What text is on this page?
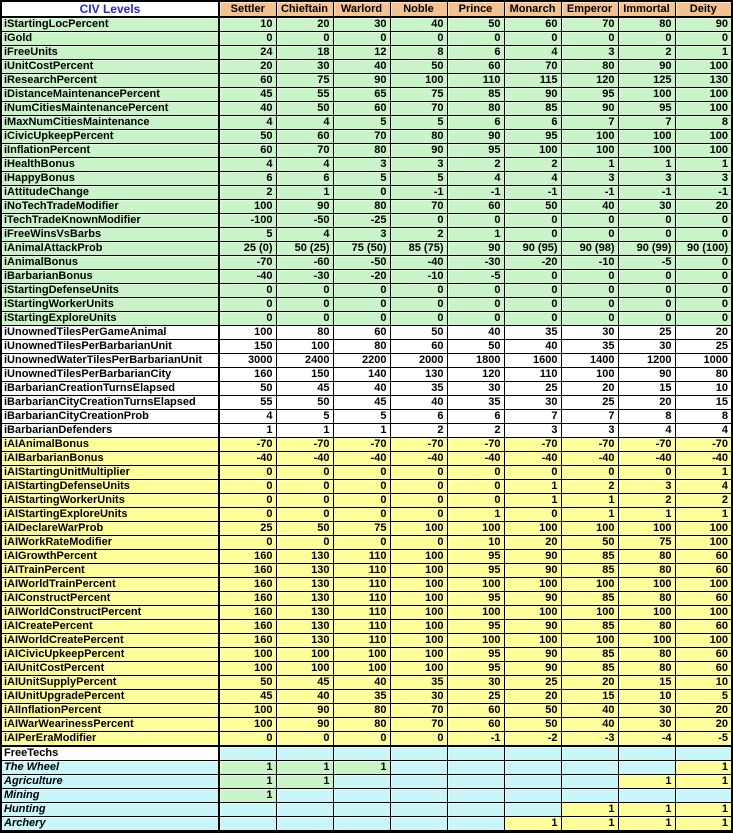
CIV Levels	Settler	Chieftain	Warlord	Noble	Prince	Monarch	Emperor	Immortal	Deity
iStartingLocPercent	10	20	30	40	50	60	70	80	90
iGold	0	0	0	0	0	0	0	0	0
iFreeUnits	24	18	12	8	6	4	3	2	1
iUnitCostPercent	20	30	40	50	60	70	80	90	100
iResearchPercent	60	75	90	100	110	115	120	125	130
iDistanceMaintenancePercent	45	55	65	75	85	90	95	100	100
iNumCitiesMaintenancePercent	40	50	60	70	80	85	90	95	100
iMaxNumCitiesMaintenance	4	4	5	5	6	6	7	7	8
iCivicUpkeepPercent	50	60	70	80	90	95	100	100	100
iInflationPercent	60	70	80	90	95	100	100	100	100
iHealthBonus	4	4	3	3	2	2	1	1	1
iHappyBonus	6	6	5	5	4	4	3	3	3
iAttitudeChange	2	1	0	-1	-1	-1	-1	-1	-1
iNoTechTradeModifier	100	90	80	70	60	50	40	30	20
iTechTradeKnownModifier	-100	-50	-25	0	0	0	0	0	0
iFreeWinsVsBarbs	5	4	3	2	1	0	0	0	0
iAnimalAttackProb	25 (0)	50 (25)	75 (50)	85 (75)	90	90 (95)	90 (98)	90 (99)	90 (100)
iAnimalBonus	-70	-60	-50	-40	-30	-20	-10	-5	0
iBarbarianBonus	-40	-30	-20	-10	-5	0	0	0	0
iStartingDefenseUnits	0	0	0	0	0	0	0	0	0
iStartingWorkerUnits	0	0	0	0	0	0	0	0	0
iStartingExploreUnits	0	0	0	0	0	0	0	0	0
iUnownedTilesPerGameAnimal	100	80	60	50	40	35	30	25	20
iUnownedTilesPerBarbarianUnit	150	100	80	60	50	40	35	30	25
iUnownedWaterTilesPerBarbarianUnit	3000	2400	2200	2000	1800	1600	1400	1200	1000
iUnownedTilesPerBarbarianCity	160	150	140	130	120	110	100	90	80
iBarbarianCreationTurnsElapsed	50	45	40	35	30	25	20	15	10
iBarbarianCityCreationTurnsElapsed	55	50	45	40	35	30	25	20	15
iBarbarianCityCreationProb	4	5	5	6	6	7	7	8	8
iBarbarianDefenders	1	1	1	2	2	3	3	4	4
iAIAnimalBonus	-70	-70	-70	-70	-70	-70	-70	-70	-70
iAIBarbarianBonus	-40	-40	-40	-40	-40	-40	-40	-40	-40
iAIStartingUnitMultiplier	0	0	0	0	0	0	0	0	1
iAIStartingDefenseUnits	0	0	0	0	0	1	2	3	4
iAIStartingWorkerUnits	0	0	0	0	0	1	1	2	2
iAIStartingExploreUnits	0	0	0	0	1	0	1	1	1
iAIDeclareWarProb	25	50	75	100	100	100	100	100	100
iAIWorkRateModifier	0	0	0	0	10	20	50	75	100
iAIGrowthPercent	160	130	110	100	95	90	85	80	60
iAITrainPercent	160	130	110	100	95	90	85	80	60
iAIWorldTrainPercent	160	130	110	100	100	100	100	100	100
iAIConstructPercent	160	130	110	100	95	90	85	80	60
iAIWorldConstructPercent	160	130	110	100	100	100	100	100	100
iAICreatePercent	160	130	110	100	95	90	85	80	60
iAIWorldCreatePercent	160	130	110	100	100	100	100	100	100
iAICivicUpkeepPercent	100	100	100	100	95	90	85	80	60
iAIUnitCostPercent	100	100	100	100	95	90	85	80	60
iAIUnitSupplyPercent	50	45	40	35	30	25	20	15	10
iAIUnitUpgradePercent	45	40	35	30	25	20	15	10	5
iAIInflationPercent	100	90	80	70	60	50	40	30	20
iAIWarWearinessPercent	100	90	80	70	60	50	40	30	20
iAIPerEraModifier	0	0	0	0	-1	-2	-3	-4	-5
FreeTechs									
The Wheel	1	1	1						1
Agriculture	1	1						1	1
Mining	1								
Hunting							1	1	1
Archery						1	1	1	1
